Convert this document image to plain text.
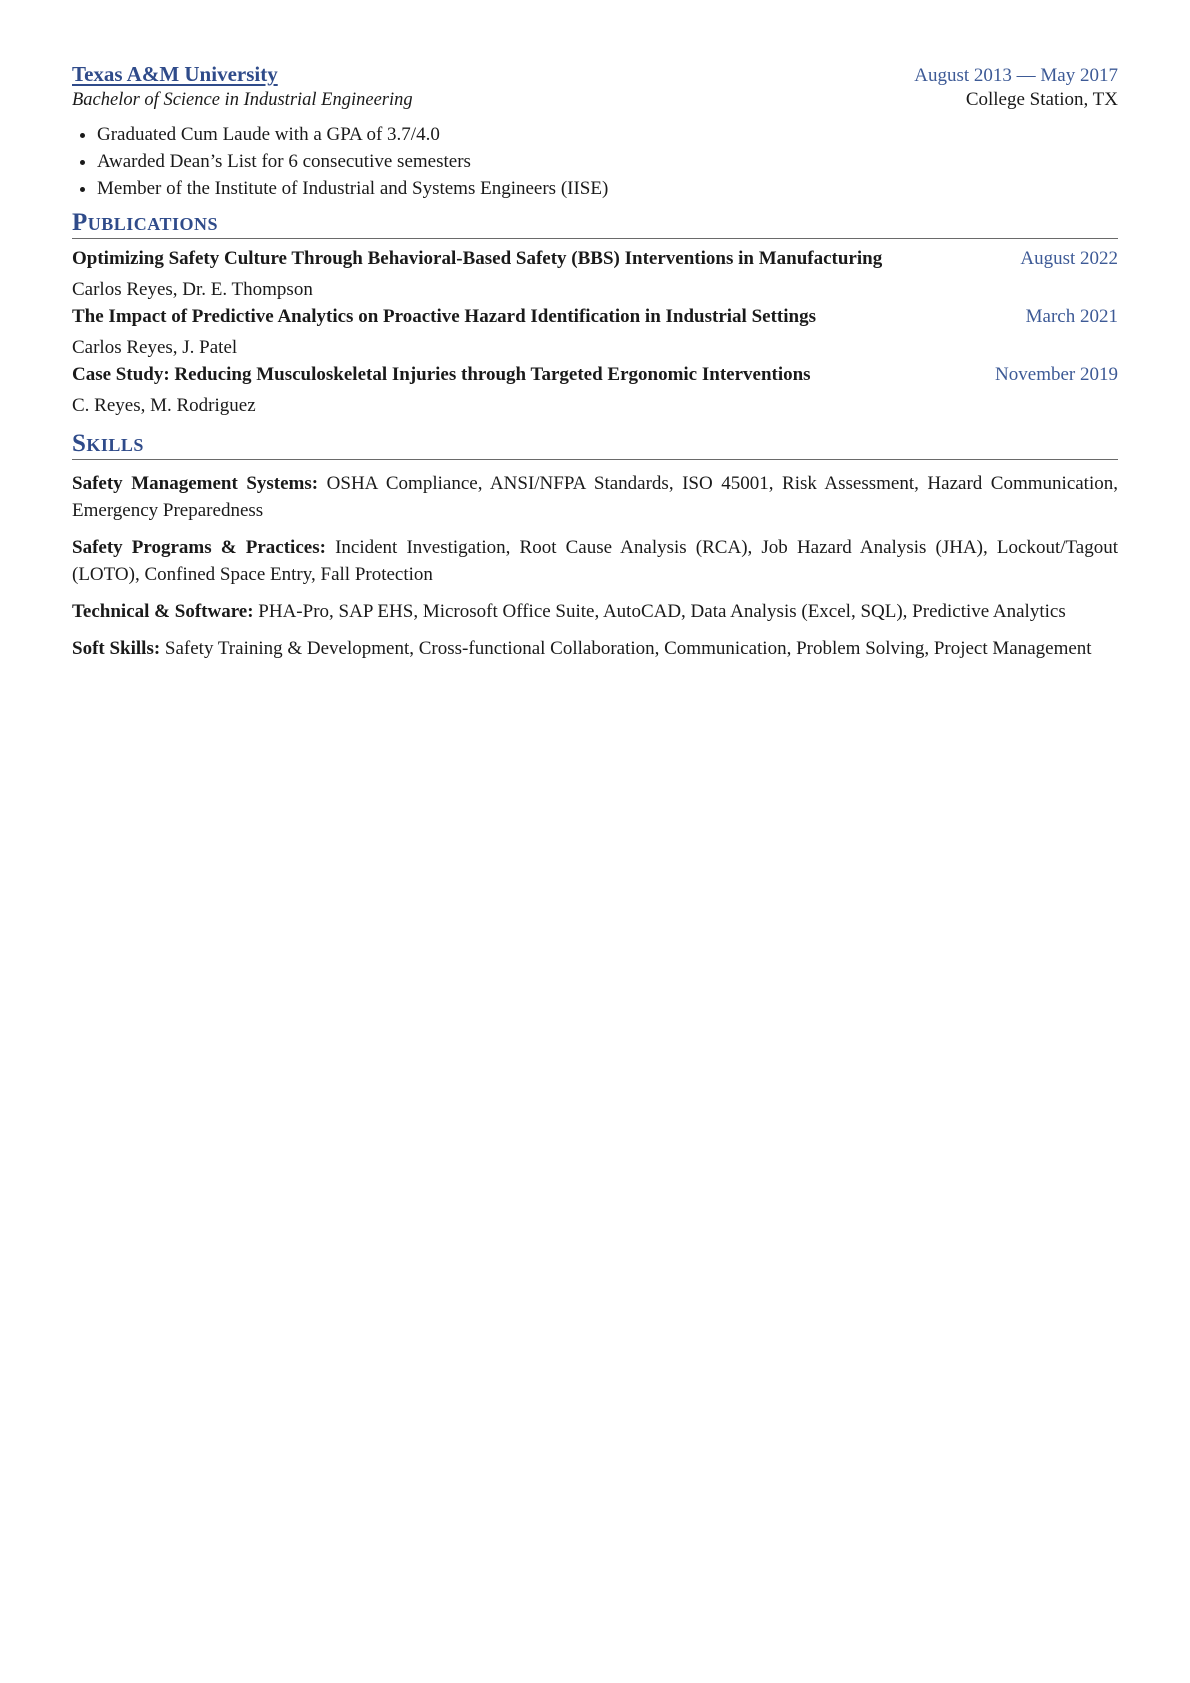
Texas A&M University	August 2013 — May 2017
Bachelor of Science in Industrial Engineering	College Station, TX
• Graduated Cum Laude with a GPA of 3.7/4.0
• Awarded Dean’s List for 6 consecutive semesters
• Member of the Institute of Industrial and Systems Engineers (IISE)
Publications
Optimizing Safety Culture Through Behavioral-Based Safety (BBS) Interventions in Manufacturing	August 2022
Carlos Reyes, Dr. E. Thompson
The Impact of Predictive Analytics on Proactive Hazard Identification in Industrial Settings	March 2021
Carlos Reyes, J. Patel
Case Study: Reducing Musculoskeletal Injuries through Targeted Ergonomic Interventions	November 2019
C. Reyes, M. Rodriguez
Skills
Safety Management Systems: OSHA Compliance, ANSI/NFPA Standards, ISO 45001, Risk Assessment, Hazard Communication, Emergency Preparedness
Safety Programs & Practices: Incident Investigation, Root Cause Analysis (RCA), Job Hazard Analysis (JHA), Lockout/Tagout (LOTO), Confined Space Entry, Fall Protection
Technical & Software: PHA-Pro, SAP EHS, Microsoft Office Suite, AutoCAD, Data Analysis (Excel, SQL), Predictive Analytics
Soft Skills: Safety Training & Development, Cross-functional Collaboration, Communication, Problem Solving, Project Management
